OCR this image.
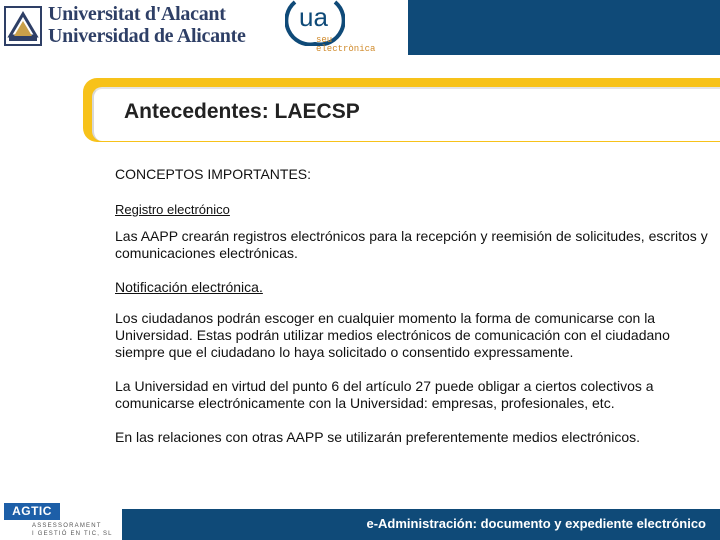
Universitat d'Alacant
Universidad de Alicante
ua
seu
electrònica
Antecedentes: LAECSP

CONCEPTOS IMPORTANTES:

Registro electrónico

Las AAPP crearán registros electrónicos para la recepción y reemisión de solicitudes, escritos y comunicaciones electrónicas.

Notificación electrónica.

Los ciudadanos podrán escoger en cualquier momento la forma de comunicarse con la Universidad. Estas podrán utilizar medios electrónicos de comunicación con el ciudadano siempre que el ciudadano lo haya solicitado o consentido expressamente.

La Universidad en virtud del punto 6 del artículo 27 puede obligar a ciertos colectivos a comunicarse electrónicamente con la Universidad: empresas, profesionales, etc.

En las relaciones con otras AAPP se utilizarán preferentemente medios electrónicos.

AGTIC
ASSESSORAMENT
I GESTIÓ EN TIC, SL
e-Administración: documento y expediente electrónico
